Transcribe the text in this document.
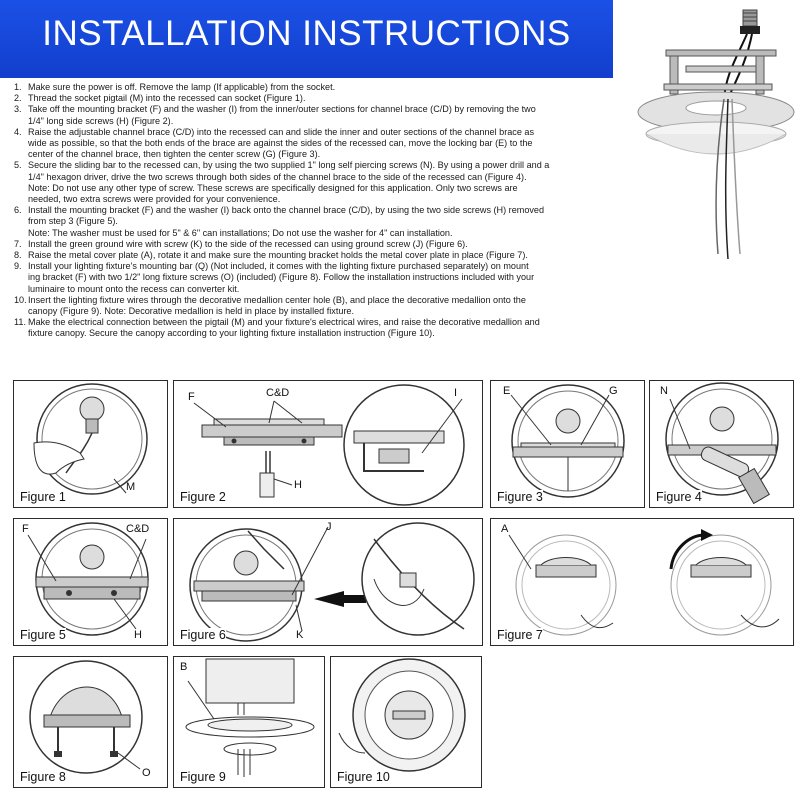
INSTALLATION INSTRUCTIONS
1. Make sure the power is off. Remove the lamp (If applicable) from the socket.
2. Thread the socket pigtail (M) into the recessed can socket (Figure 1).
3. Take off the mounting bracket (F) and the washer (I) from the inner/outer sections for channel brace (C/D) by removing the two
1/4" long side screws (H) (Figure 2).
4. Raise the adjustable channel brace (C/D) into the recessed can and slide the inner and outer sections of the channel brace as
wide as possible, so that the both ends of the brace are against the sides of the recessed can, move the locking bar (E) to the
center of the channel brace, then tighten the center screw (G) (Figure 3).
5. Secure the sliding bar to the recessed can, by using the two supplied 1" long self piercing screws (N). By using a power drill and a
1/4" hexagon driver, drive the two screws through both sides of the channel brace to the side of the recessed can (Figure 4).
Note: Do not use any other type of screw. These screws are specifically designed for this application. Only two screws are
needed, two extra screws were provided for your convenience.
6. Install the mounting bracket (F) and the washer (I) back onto the channel brace (C/D), by using the two side screws (H) removed
from step 3 (Figure 5).
Note: The washer must be used for 5" & 6" can installations; Do not use the washer for 4" can installation.
7. Install the green ground wire with screw (K) to the side of the recessed can using ground screw (J) (Figure 6).
8. Raise the metal cover plate (A), rotate it and make sure the mounting bracket holds the metal cover plate in place (Figure 7).
9. Install your lighting fixture's mounting bar (Q) (Not included, it comes with the lighting fixture purchased separately) on mount
ing bracket (F) with two 1/2" long fixture screws (O) (included) (Figure 8). Follow the installation instructions included with your
luminaire to mount onto the recess can converter kit.
10.Insert the lighting fixture wires through the decorative medallion center hole (B), and place the decorative medallion onto the
canopy (Figure 9). Note: Decorative medallion is held in place by installed fixture.
11. Make the electrical connection between the pigtail (M) and your fixture's electrical wires, and raise the decorative medallion and
fixture canopy. Secure the canopy according to your lighting fixture installation instruction (Figure 10).
M
Figure 1
F	C&D
H
I
Figure 2
E	G
Figure 3
N
Figure 4
F	C&D
H
Figure 5
J
K
Figure 6
A
Figure 7
O
Figure 8
B
Figure 9	Figure 10
